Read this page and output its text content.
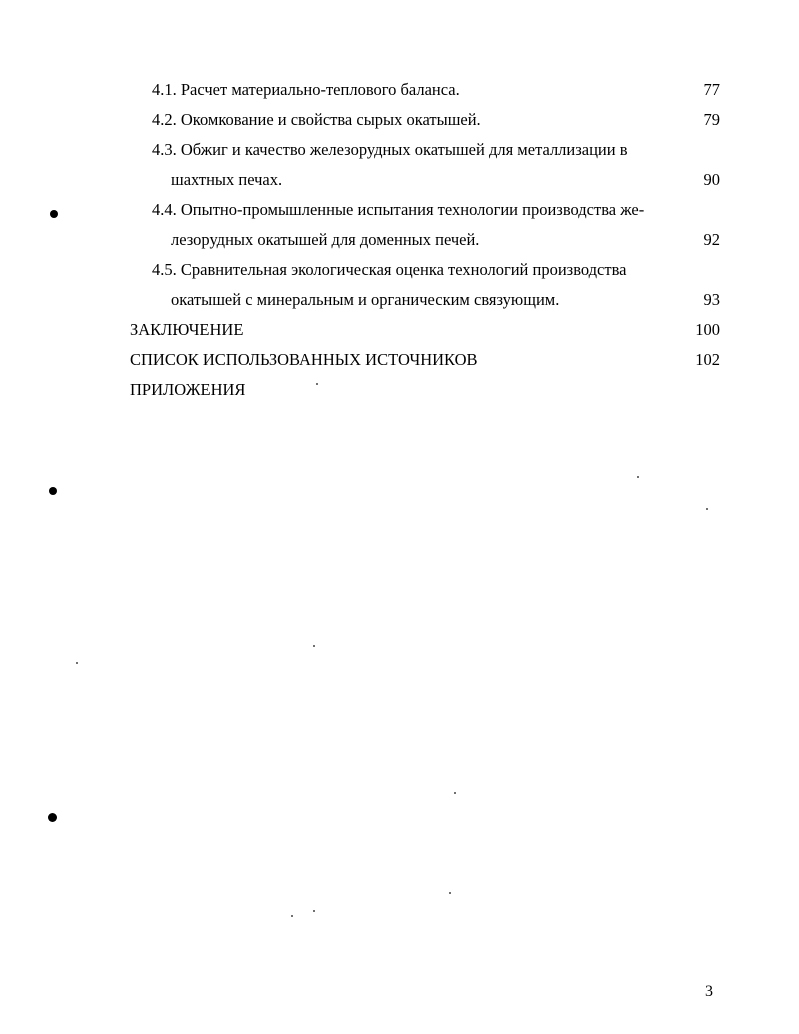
4.1. Расчет материально-теплового баланса.	77
4.2. Окомкование и свойства сырых окатышей.	79
4.3. Обжиг и качество железорудных окатышей для металлизации в
шахтных печах.	90
4.4. Опытно-промышленные испытания технологии производства же-
лезорудных окатышей для доменных печей.	92
4.5. Сравнительная экологическая оценка технологий производства
окатышей с минеральным и органическим связующим.	93
ЗАКЛЮЧЕНИЕ	100
СПИСОК ИСПОЛЬЗОВАННЫХ ИСТОЧНИКОВ	102
ПРИЛОЖЕНИЯ
3
